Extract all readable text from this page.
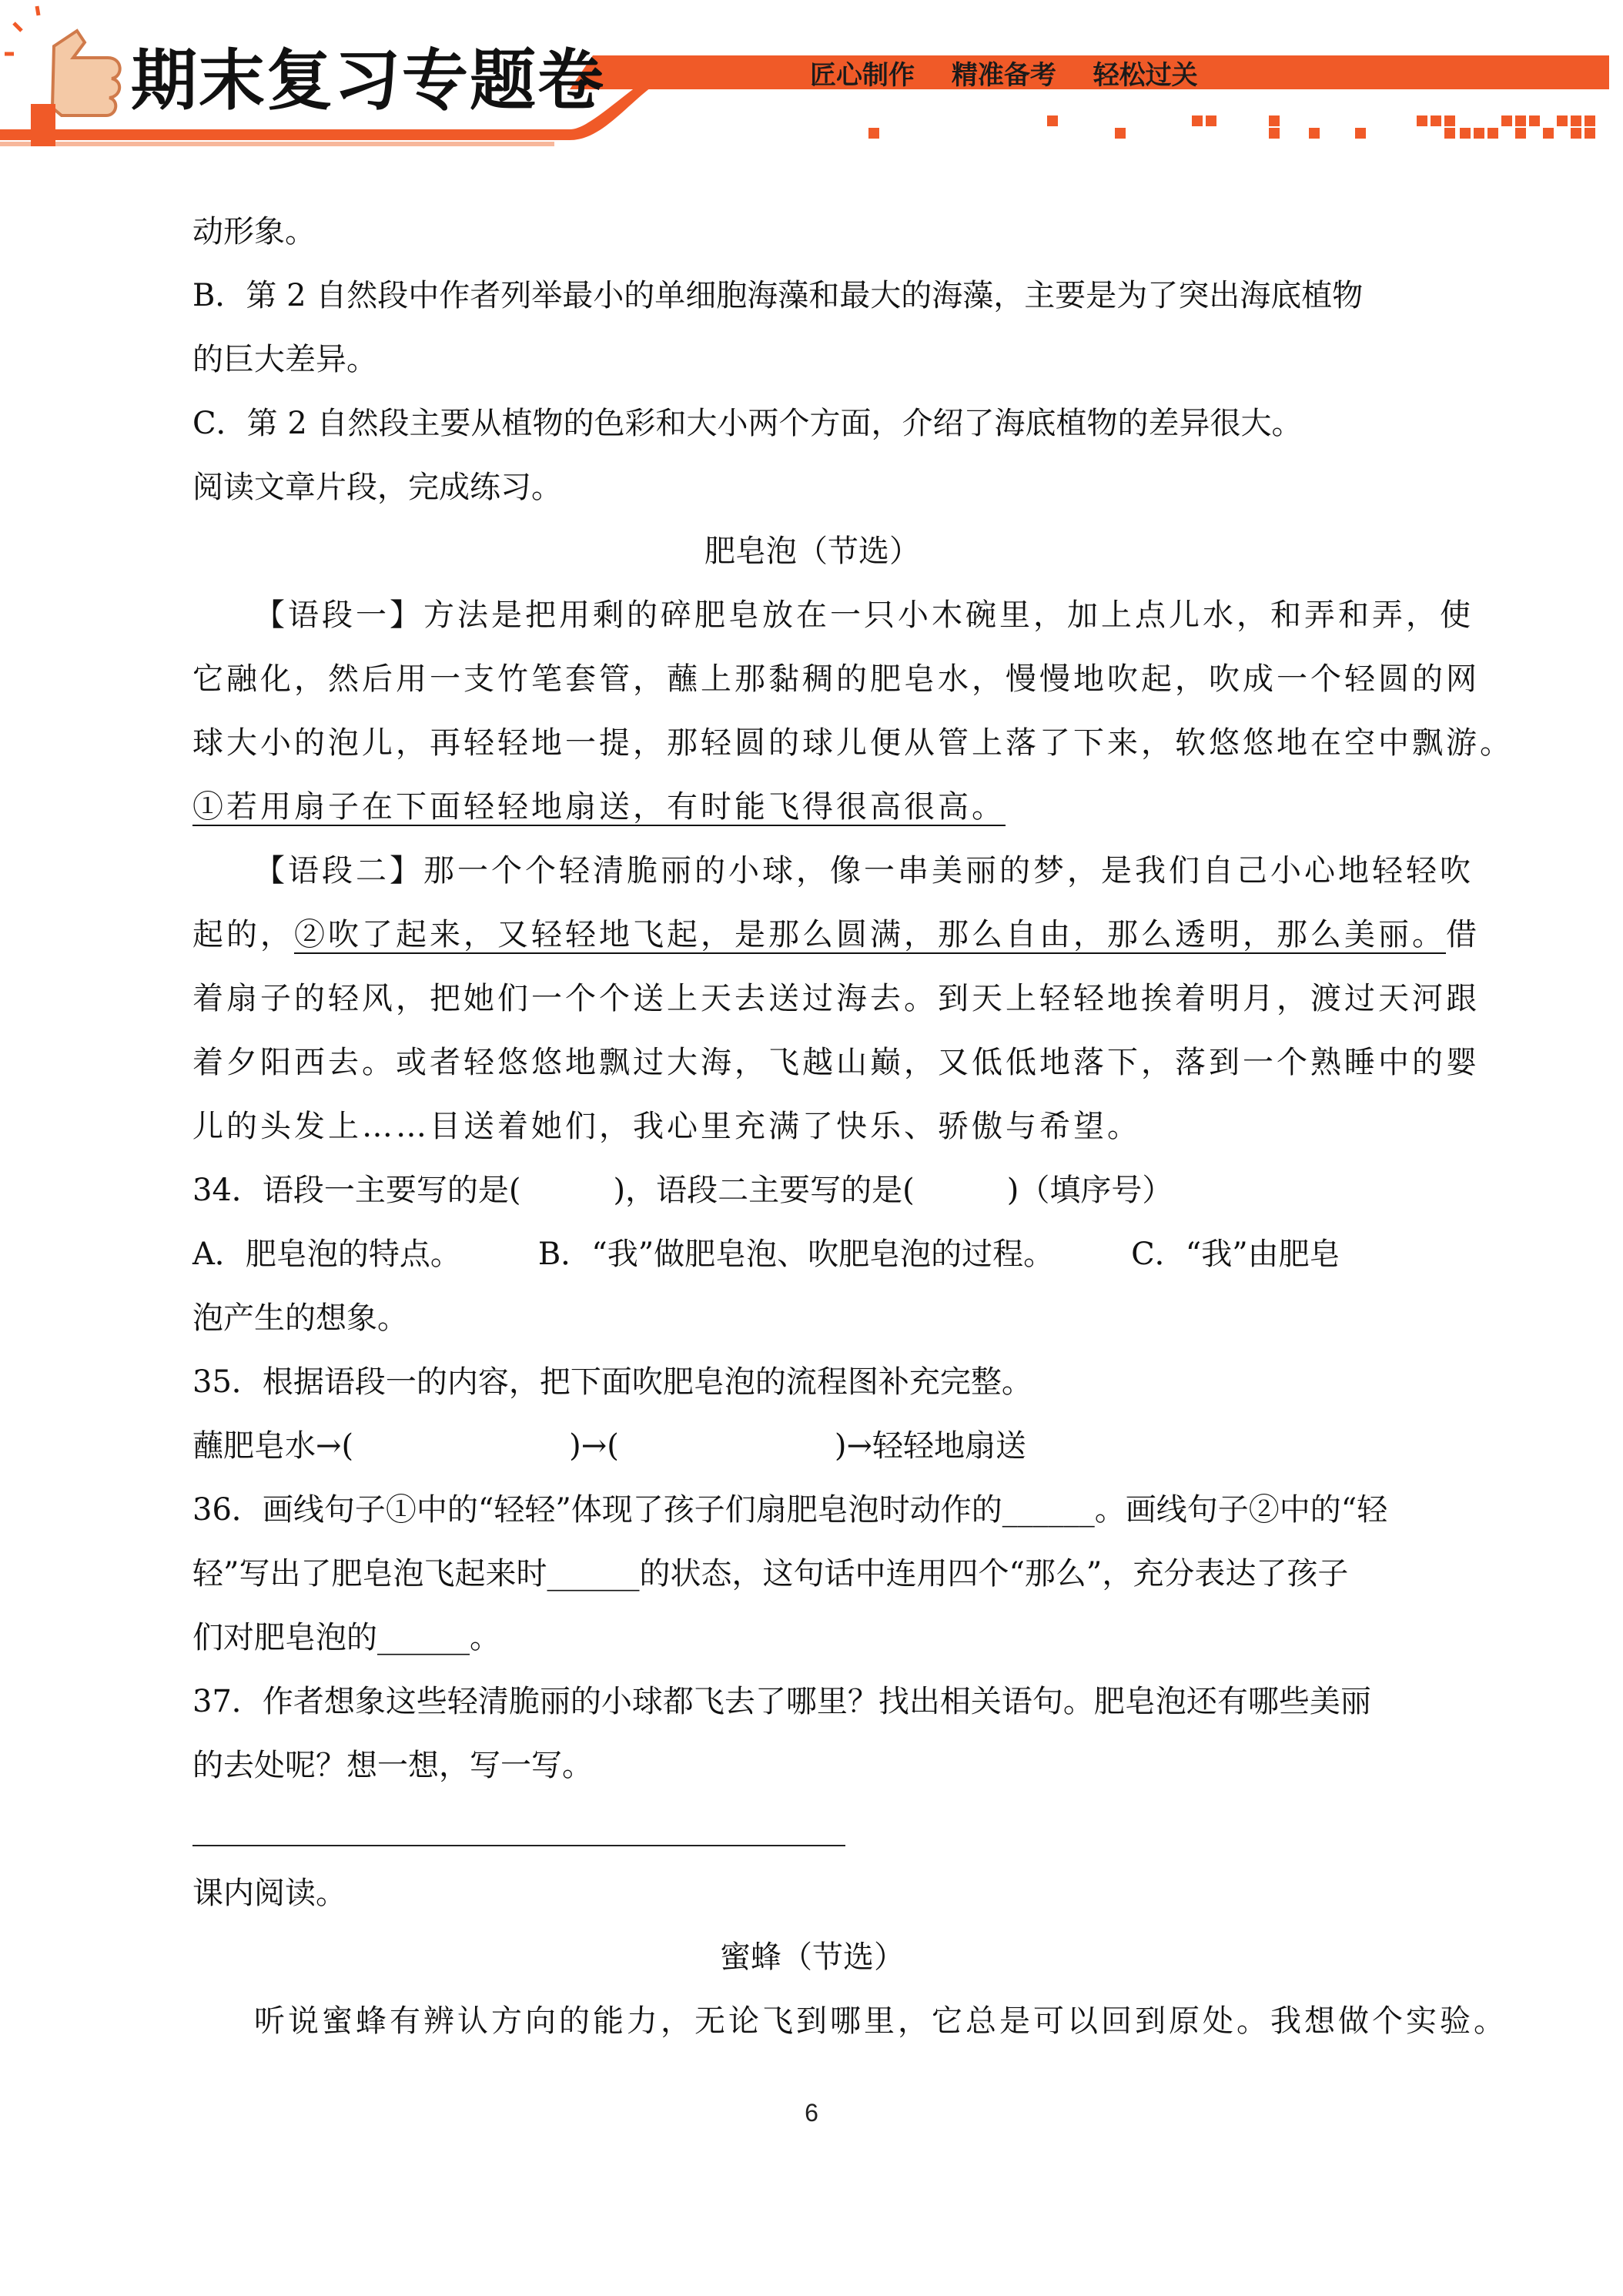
期末复习专题卷	匠心制作 精准备考 轻松过关
动形象。
B．第 2 自然段中作者列举最小的单细胞海藻和最大的海藻，主要是为了突出海底植物
的巨大差异。
C．第 2 自然段主要从植物的色彩和大小两个方面，介绍了海底植物的差异很大。
阅读文章片段，完成练习。
肥皂泡（节选）
【语段一】方法是把用剩的碎肥皂放在一只小木碗里，加上点儿水，和弄和弄，使
它融化，然后用一支竹笔套管，蘸上那黏稠的肥皂水，慢慢地吹起，吹成一个轻圆的网
球大小的泡儿，再轻轻地一提，那轻圆的球儿便从管上落了下来，软悠悠地在空中飘游。
①若用扇子在下面轻轻地扇送，有时能飞得很高很高。
【语段二】那一个个轻清脆丽的小球，像一串美丽的梦，是我们自己小心地轻轻吹
起的，②吹了起来，又轻轻地飞起，是那么圆满，那么自由，那么透明，那么美丽。借
着扇子的轻风，把她们一个个送上天去送过海去。到天上轻轻地挨着明月，渡过天河跟
着夕阳西去。或者轻悠悠地飘过大海，飞越山巅，又低低地落下，落到一个熟睡中的婴
儿的头发上……目送着她们，我心里充满了快乐、骄傲与希望。
34．语段一主要写的是(　　　)，语段二主要写的是(　　　)（填序号）
A．肥皂泡的特点。　　　B．“我”做肥皂泡、吹肥皂泡的过程。　　　C．“我”由肥皂
泡产生的想象。
35．根据语段一的内容，把下面吹肥皂泡的流程图补充完整。
蘸肥皂水→(　　　　　　　)→(　　　　　　　)→轻轻地扇送
36．画线句子①中的“轻轻”体现了孩子们扇肥皂泡时动作的______。画线句子②中的“轻
轻”写出了肥皂泡飞起来时______的状态，这句话中连用四个“那么”，充分表达了孩子
们对肥皂泡的______。
37．作者想象这些轻清脆丽的小球都飞去了哪里？找出相关语句。肥皂泡还有哪些美丽
的去处呢？想一想，写一写。
课内阅读。
蜜蜂（节选）
听说蜜蜂有辨认方向的能力，无论飞到哪里，它总是可以回到原处。我想做个实验。
6
